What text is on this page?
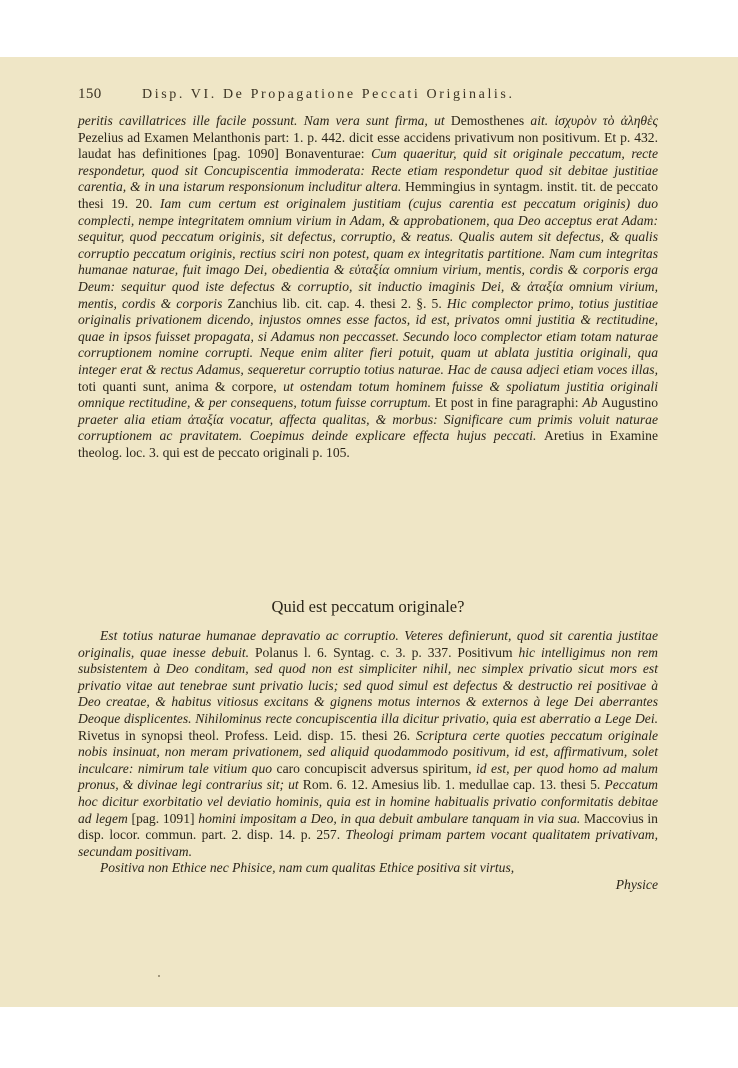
150	Disp. VI. De Propagatione Peccati Originalis.

peritis cavillatrices ille facile possunt. Nam vera sunt firma, ut Demosthenes ait. ἰσχυρὸν τὸ ἀληθὲς Pezelius ad Examen Melanthonis part: 1. p. 442. dicit esse accidens privativum non positivum. Et p. 432. laudat has definitiones [pag. 1090] Bonaventurae: Cum quaeritur, quid sit originale peccatum, recte respondetur, quod sit Concupiscentia immoderata: Recte etiam respondetur quod sit debitae justitiae carentia, & in una istarum responsionum includitur altera. Hemmingius in syntagm. instit. tit. de peccato thesi 19. 20. Iam cum certum est originalem justitiam (cujus carentia est peccatum originis) duo complecti, nempe integritatem omnium virium in Adam, & approbationem, qua Deo acceptus erat Adam: sequitur, quod peccatum originis, sit defectus, corruptio, & reatus. Qualis autem sit defectus, & qualis corruptio peccatum originis, rectius sciri non potest, quam ex integritatis partitione. Nam cum integritas humanae naturae, fuit imago Dei, obedientia & εὐταξία omnium virium, mentis, cordis & corporis erga Deum: sequitur quod iste defectus & corruptio, sit inductio imaginis Dei, & ἀταξία omnium virium, mentis, cordis & corporis Zanchius lib. cit. cap. 4. thesi 2. §. 5. Hic complector primo, totius justitiae originalis privationem dicendo, injustos omnes esse factos, id est, privatos omni justitia & rectitudine, quae in ipsos fuisset propagata, si Adamus non peccasset. Secundo loco complector etiam totam naturae corruptionem nomine corrupti. Neque enim aliter fieri potuit, quam ut ablata justitia originali, qua integer erat & rectus Adamus, sequeretur corruptio totius naturae. Hac de causa adjeci etiam voces illas, toti quanti sunt, anima & corpore, ut ostendam totum hominem fuisse & spoliatum justitia originali omnique rectitudine, & per consequens, totum fuisse corruptum. Et post in fine paragraphi: Ab Augustino praeter alia etiam ἀταξία vocatur, affecta qualitas, & morbus: Significare cum primis voluit naturae corruptionem ac pravitatem. Coepimus deinde explicare effecta hujus peccati. Aretius in Examine theolog. loc. 3. qui est de peccato originali p. 105.

Quid est peccatum originale?

Est totius naturae humanae depravatio ac corruptio. Veteres definierunt, quod sit carentia justitae originalis, quae inesse debuit. Polanus l. 6. Syntag. c. 3. p. 337. Positivum hic intelligimus non rem subsistentem à Deo conditam, sed quod non est simpliciter nihil, nec simplex privatio sicut mors est privatio vitae aut tenebrae sunt privatio lucis; sed quod simul est defectus & destructio rei positivae à Deo creatae, & habitus vitiosus excitans & gignens motus internos & externos à lege Dei aberrantes Deoque displicentes. Nihilominus recte concupiscentia illa dicitur privatio, quia est aberratio a Lege Dei. Rivetus in synopsi theol. Profess. Leid. disp. 15. thesi 26. Scriptura certe quoties peccatum originale nobis insinuat, non meram privationem, sed aliquid quodammodo positivum, id est, affirmativum, solet inculcare: nimirum tale vitium quo caro concupiscit adversus spiritum, id est, per quod homo ad malum pronus, & divinae legi contrarius sit; ut Rom. 6. 12. Amesius lib. 1. medullae cap. 13. thesi 5. Peccatum hoc dicitur exorbitatio vel deviatio hominis, quia est in homine habitualis privatio conformitatis debitae ad legem [pag. 1091] homini impositam a Deo, in qua debuit ambulare tanquam in via sua. Maccovius in disp. locor. commun. part. 2. disp. 14. p. 257. Theologi primam partem vocant qualitatem privativam, secundam positivam.

Positiva non Ethice nec Phisice, nam cum qualitas Ethice positiva sit virtus,

Physice
